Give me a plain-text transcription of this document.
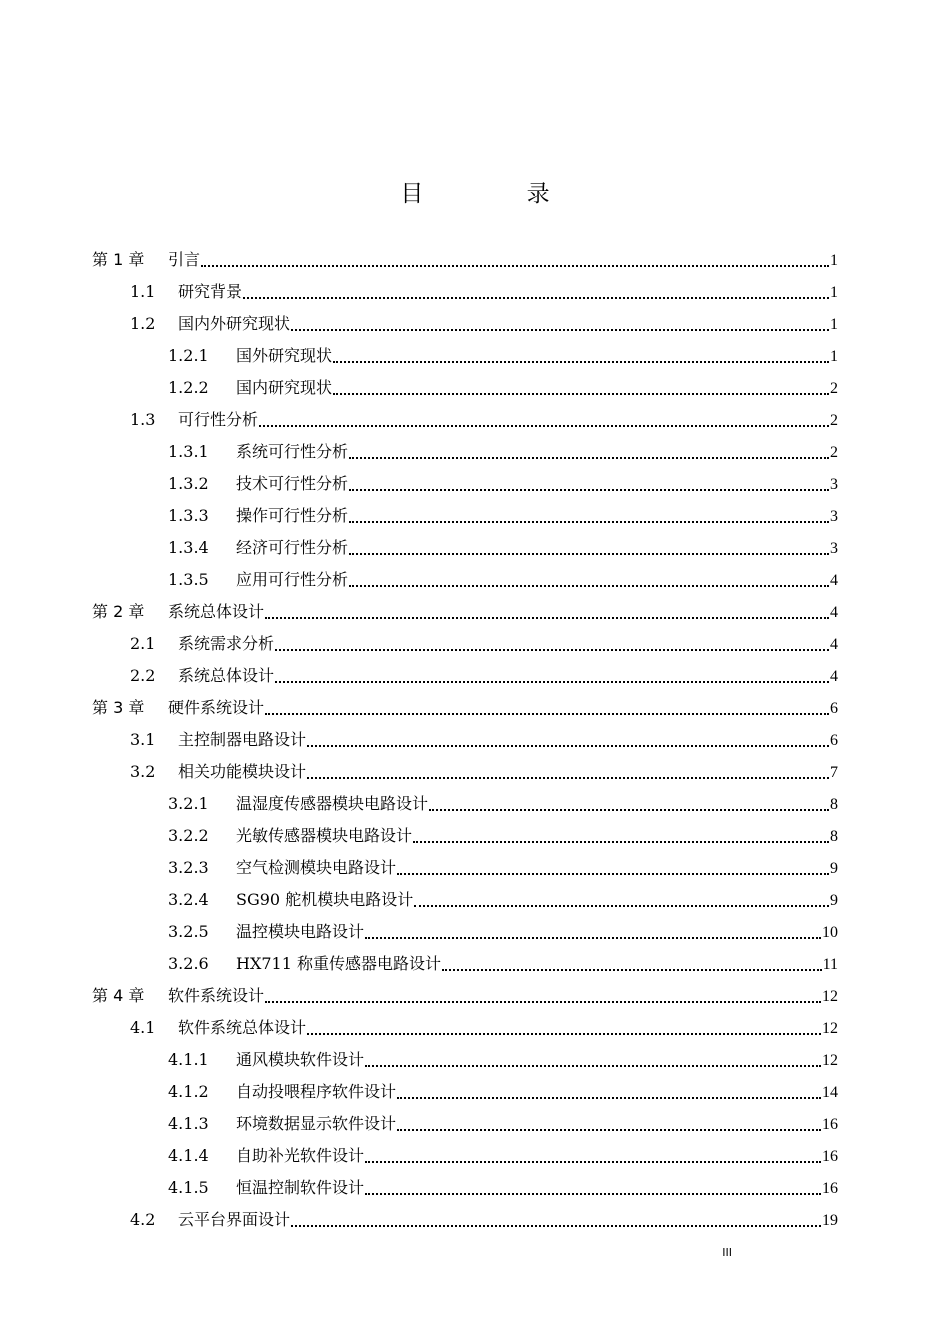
目 录
第 1 章	引言	1
1.1	研究背景	1
1.2	国内外研究现状	1
1.2.1	国外研究现状	1
1.2.2	国内研究现状	2
1.3	可行性分析	2
1.3.1	系统可行性分析	2
1.3.2	技术可行性分析	3
1.3.3	操作可行性分析	3
1.3.4	经济可行性分析	3
1.3.5	应用可行性分析	4
第 2 章	系统总体设计	4
2.1	系统需求分析	4
2.2	系统总体设计	4
第 3 章	硬件系统设计	6
3.1	主控制器电路设计	6
3.2	相关功能模块设计	7
3.2.1	温湿度传感器模块电路设计	8
3.2.2	光敏传感器模块电路设计	8
3.2.3	空气检测模块电路设计	9
3.2.4	SG90 舵机模块电路设计	9
3.2.5	温控模块电路设计	10
3.2.6	HX711 称重传感器电路设计	11
第 4 章	软件系统设计	12
4.1	软件系统总体设计	12
4.1.1	通风模块软件设计	12
4.1.2	自动投喂程序软件设计	14
4.1.3	环境数据显示软件设计	16
4.1.4	自助补光软件设计	16
4.1.5	恒温控制软件设计	16
4.2	云平台界面设计	19
III
